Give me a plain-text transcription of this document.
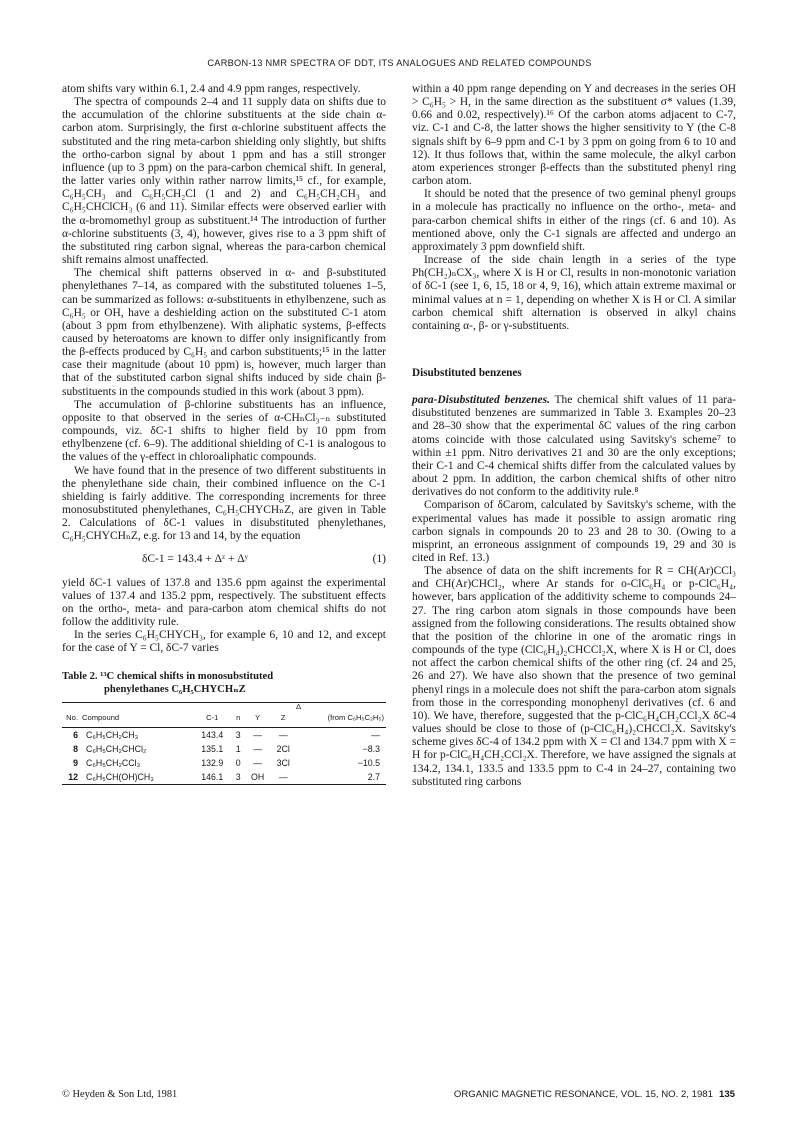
CARBON-13 NMR SPECTRA OF DDT, ITS ANALOGUES AND RELATED COMPOUNDS

atom shifts vary within 6.1, 2.4 and 4.9 ppm ranges, respectively.

The spectra of compounds 2–4 and 11 supply data on shifts due to the accumulation of the chlorine substituents at the side chain α-carbon atom. Surprisingly, the first α-chlorine substituent affects the substituted and the ring meta-carbon shielding only slightly, but shifts the ortho-carbon signal by about 1 ppm and has a still stronger influence (up to 3 ppm) on the para-carbon chemical shift. In general, the latter varies only within rather narrow limits,¹⁵ cf., for example, C₆H₅CH₃ and C₆H₅CH₂Cl (1 and 2) and C₆H₅CH₂CH₃ and C₆H₅CHClCH₃ (6 and 11). Similar effects were observed earlier with the α-bromomethyl group as substituent.¹⁴ The introduction of further α-chlorine substituents (3, 4), however, gives rise to a 3 ppm shift of the substituted ring carbon signal, whereas the para-carbon chemical shift remains almost unaffected.

The chemical shift patterns observed in α- and β-substituted phenylethanes 7–14, as compared with the substituted toluenes 1–5, can be summarized as follows: α-substituents in ethylbenzene, such as C₆H₅ or OH, have a deshielding action on the substituted C-1 atom (about 3 ppm from ethylbenzene). With aliphatic systems, β-effects caused by heteroatoms are known to differ only insignificantly from the β-effects produced by C₆H₅ and carbon substituents;¹⁵ in the latter case their magnitude (about 10 ppm) is, however, much larger than that of the substituted carbon signal shifts induced by side chain β-substituents in the compounds studied in this work (about 3 ppm).

The accumulation of β-chlorine substituents has an influence, opposite to that observed in the series of α-CHₙCl₃₋ₙ substituted compounds, viz. δC-1 shifts to higher field by 10 ppm from ethylbenzene (cf. 6–9). The additional shielding of C-1 is analogous to the values of the γ-effect in chloroaliphatic compounds.

We have found that in the presence of two different substituents in the phenylethane side chain, their combined influence on the C-1 shielding is fairly additive. The corresponding increments for three monosubstituted phenylethanes, C₆H₅CHYCHₙZ, are given in Table 2. Calculations of δC-1 values in disubstituted phenylethanes, C₆H₅CHYCHₙZ, e.g. for 13 and 14, by the equation

δC-1 = 143.4 + Δᶻ + Δʸ	(1)

yield δC-1 values of 137.8 and 135.6 ppm against the experimental values of 137.4 and 135.2 ppm, respectively. The substituent effects on the ortho-, meta- and para-carbon atom chemical shifts do not follow the additivity rule.

In the series C₆H₅CHYCH₃, for example 6, 10 and 12, and except for the case of Y = Cl, δC-7 varies

Table 2. ¹³C chemical shifts in monosubstituted
phenylethanes C₆H₅CHYCHₙZ
						Δ
No.	Compound	C-1	n	Y	Z	(from C₆H₅C₂H₅)
6	C₆H₅CH₂CH₃	143.4	3	—	—	—
8	C₆H₅CH₂CHCl₂	135.1	1	—	2Cl	−8.3
9	C₆H₅CH₂CCl₃	132.9	0	—	3Cl	−10.5
12	C₆H₅CH(OH)CH₃	146.1	3	OH	—	2.7

within a 40 ppm range depending on Y and decreases in the series OH > C₆H₅ > H, in the same direction as the substituent σ* values (1.39, 0.66 and 0.02, respectively).¹⁶ Of the carbon atoms adjacent to C-7, viz. C-1 and C-8, the latter shows the higher sensitivity to Y (the C-8 signals shift by 6–9 ppm and C-1 by 3 ppm on going from 6 to 10 and 12). It thus follows that, within the same molecule, the alkyl carbon atom experiences stronger β-effects than the substituted phenyl ring carbon atom.

It should be noted that the presence of two geminal phenyl groups in a molecule has practically no influence on the ortho-, meta- and para-carbon chemical shifts in either of the rings (cf. 6 and 10). As mentioned above, only the C-1 signals are affected and undergo an approximately 3 ppm downfield shift.

Increase of the side chain length in a series of the type Ph(CH₂)ₙCX₃, where X is H or Cl, results in non-monotonic variation of δC-1 (see 1, 6, 15, 18 or 4, 9, 16), which attain extreme maximal or minimal values at n = 1, depending on whether X is H or Cl. A similar carbon chemical shift alternation is observed in alkyl chains containing α-, β- or γ-substituents.

Disubstituted benzenes

para-Disubstituted benzenes. The chemical shift values of 11 para-disubstituted benzenes are summarized in Table 3. Examples 20–23 and 28–30 show that the experimental δC values of the ring carbon atoms coincide with those calculated using Savitsky's scheme⁷ to within ±1 ppm. Nitro derivatives 21 and 30 are the only exceptions; their C-1 and C-4 chemical shifts differ from the calculated values by about 2 ppm. In addition, the carbon chemical shifts of other nitro derivatives do not conform to the additivity rule.⁸

Comparison of δCarom, calculated by Savitsky's scheme, with the experimental values has made it possible to assign aromatic ring carbon signals in compounds 20 to 23 and 28 to 30. (Owing to a misprint, an erroneous assignment of compounds 19, 29 and 30 is cited in Ref. 13.)

The absence of data on the shift increments for R = CH(Ar)CCl₃ and CH(Ar)CHCl₂, where Ar stands for o-ClC₆H₄ or p-ClC₆H₄, however, bars application of the additivity scheme to compounds 24–27. The ring carbon atom signals in those compounds have been assigned from the following considerations. The results obtained show that the position of the chlorine in one of the aromatic rings in compounds of the type (ClC₆H₄)₂CHCCl₂X, where X is H or Cl, does not affect the carbon chemical shifts of the other ring (cf. 24 and 25, 26 and 27). We have also shown that the presence of two geminal phenyl rings in a molecule does not shift the para-carbon atom signals from those in the corresponding monophenyl derivatives (cf. 6 and 10). We have, therefore, suggested that the p-ClC₆H₄CH₂CCl₂X δC-4 values should be close to those of (p-ClC₆H₄)₂CHCCl₂X. Savitsky's scheme gives δC-4 of 134.2 ppm with X = Cl and 134.7 ppm with X = H for p-ClC₆H₄CH₂CCl₂X. Therefore, we have assigned the signals at 134.2, 134.1, 133.5 and 133.5 ppm to C-4 in 24–27, containing two substituted ring carbons

© Heyden & Son Ltd, 1981	ORGANIC MAGNETIC RESONANCE, VOL. 15, NO. 2, 1981 135
